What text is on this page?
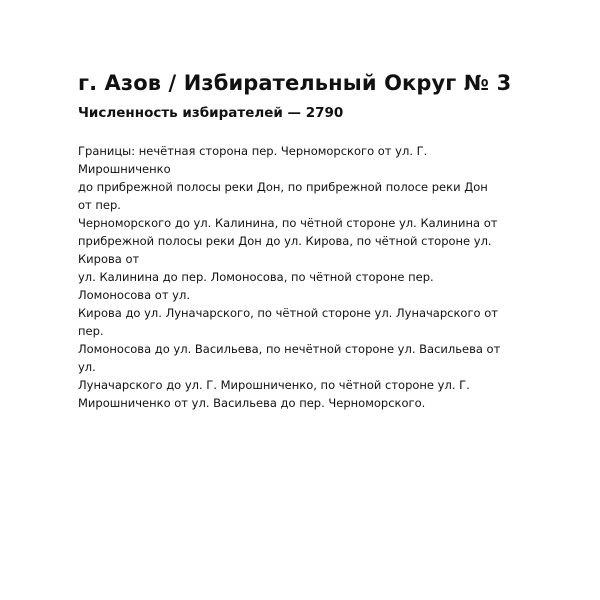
г. Азов / Избирательный Округ № 3
Численность избирателей — 2790
Границы: нечётная сторона пер. Черноморского от ул. Г.
Мирошниченко
до прибрежной полосы реки Дон, по прибрежной полосе реки Дон
от пер.
Черноморского до ул. Калинина, по чётной стороне ул. Калинина от
прибрежной полосы реки Дон до ул. Кирова, по чётной стороне ул.
Кирова от
ул. Калинина до пер. Ломоносова, по чётной стороне пер.
Ломоносова от ул.
Кирова до ул. Луначарского, по чётной стороне ул. Луначарского от
пер.
Ломоносова до ул. Васильева, по нечётной стороне ул. Васильева от
ул.
Луначарского до ул. Г. Мирошниченко, по чётной стороне ул. Г.
Мирошниченко от ул. Васильева до пер. Черноморского.
